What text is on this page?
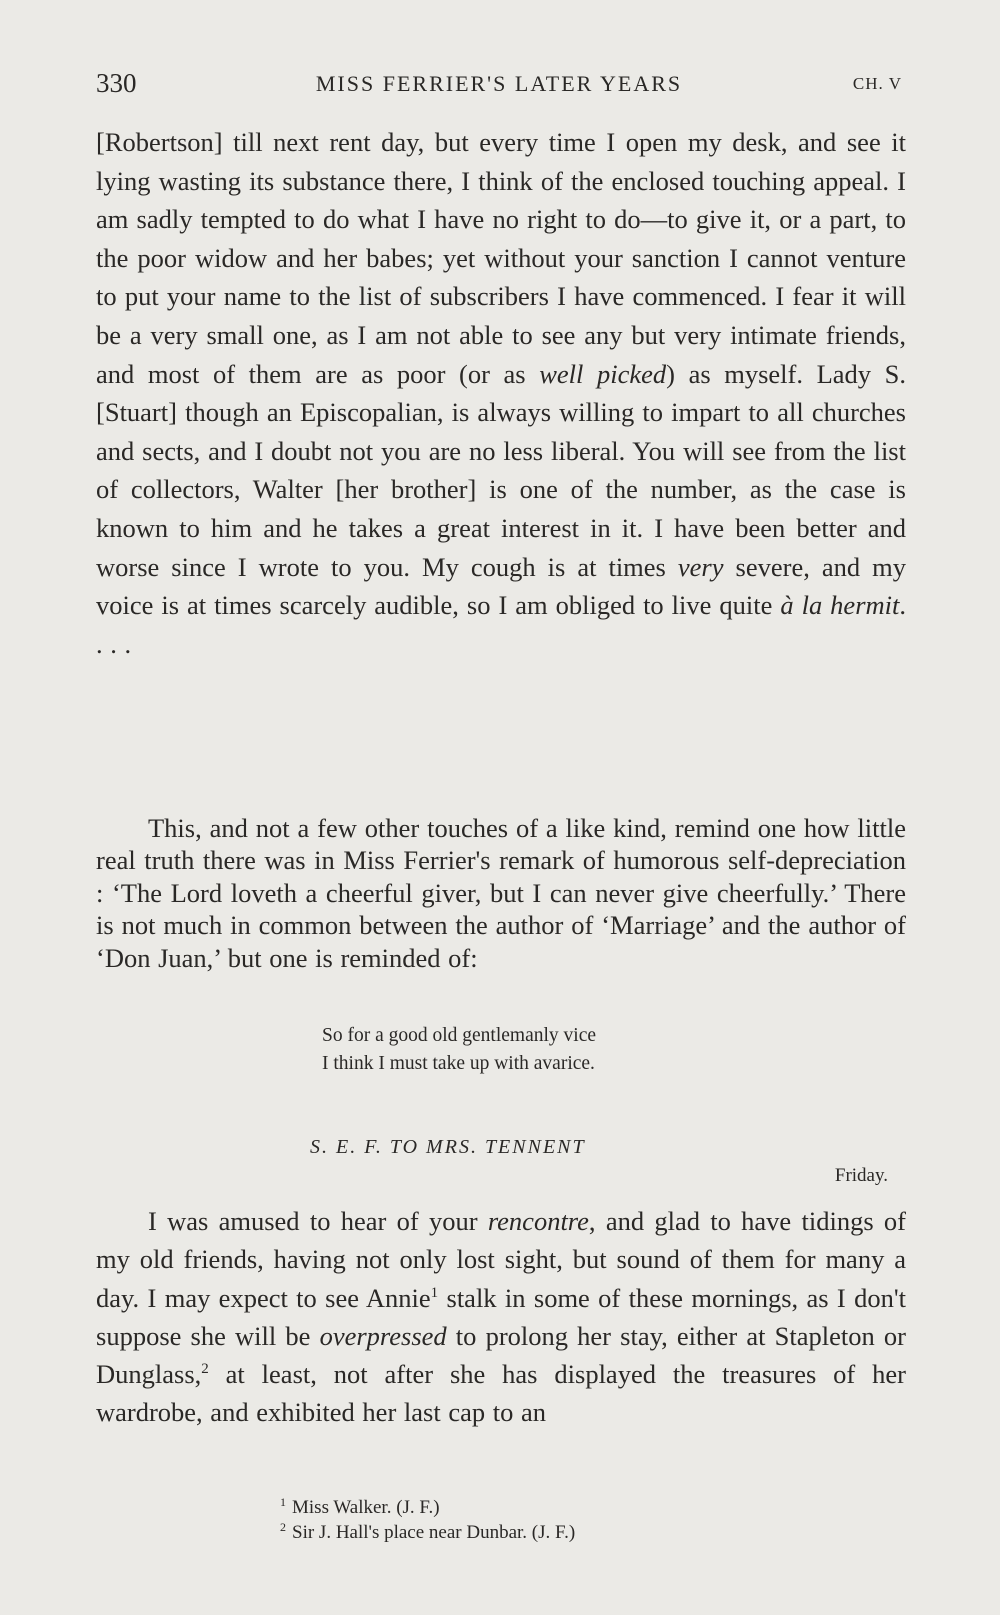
330	MISS FERRIER'S LATER YEARS	CH. V

[Robertson] till next rent day, but every time I open my desk, and see it lying wasting its substance there, I think of the enclosed touching appeal. I am sadly tempted to do what I have no right to do—to give it, or a part, to the poor widow and her babes; yet without your sanction I cannot venture to put your name to the list of subscribers I have commenced. I fear it will be a very small one, as I am not able to see any but very intimate friends, and most of them are as poor (or as well picked) as myself. Lady S. [Stuart] though an Episcopalian, is always willing to impart to all churches and sects, and I doubt not you are no less liberal. You will see from the list of collectors, Walter [her brother] is one of the number, as the case is known to him and he takes a great interest in it. I have been better and worse since I wrote to you. My cough is at times very severe, and my voice is at times scarcely audible, so I am obliged to live quite à la hermit. . . .

This, and not a few other touches of a like kind, remind one how little real truth there was in Miss Ferrier's remark of humorous self-depreciation : ‘The Lord loveth a cheerful giver, but I can never give cheerfully.’ There is not much in common between the author of ‘Marriage’ and the author of ‘Don Juan,’ but one is reminded of:

So for a good old gentlemanly vice
I think I must take up with avarice.
S. E. F. TO MRS. TENNENT
Friday.

I was amused to hear of your rencontre, and glad to have tidings of my old friends, having not only lost sight, but sound of them for many a day. I may expect to see Annie$^1$ stalk in some of these mornings, as I don't suppose she will be overpressed to prolong her stay, either at Stapleton or Dunglass,$^2$ at least, not after she has displayed the treasures of her wardrobe, and exhibited her last cap to an

$^1$ Miss Walker. (J. F.)
$^2$ Sir J. Hall's place near Dunbar. (J. F.)
